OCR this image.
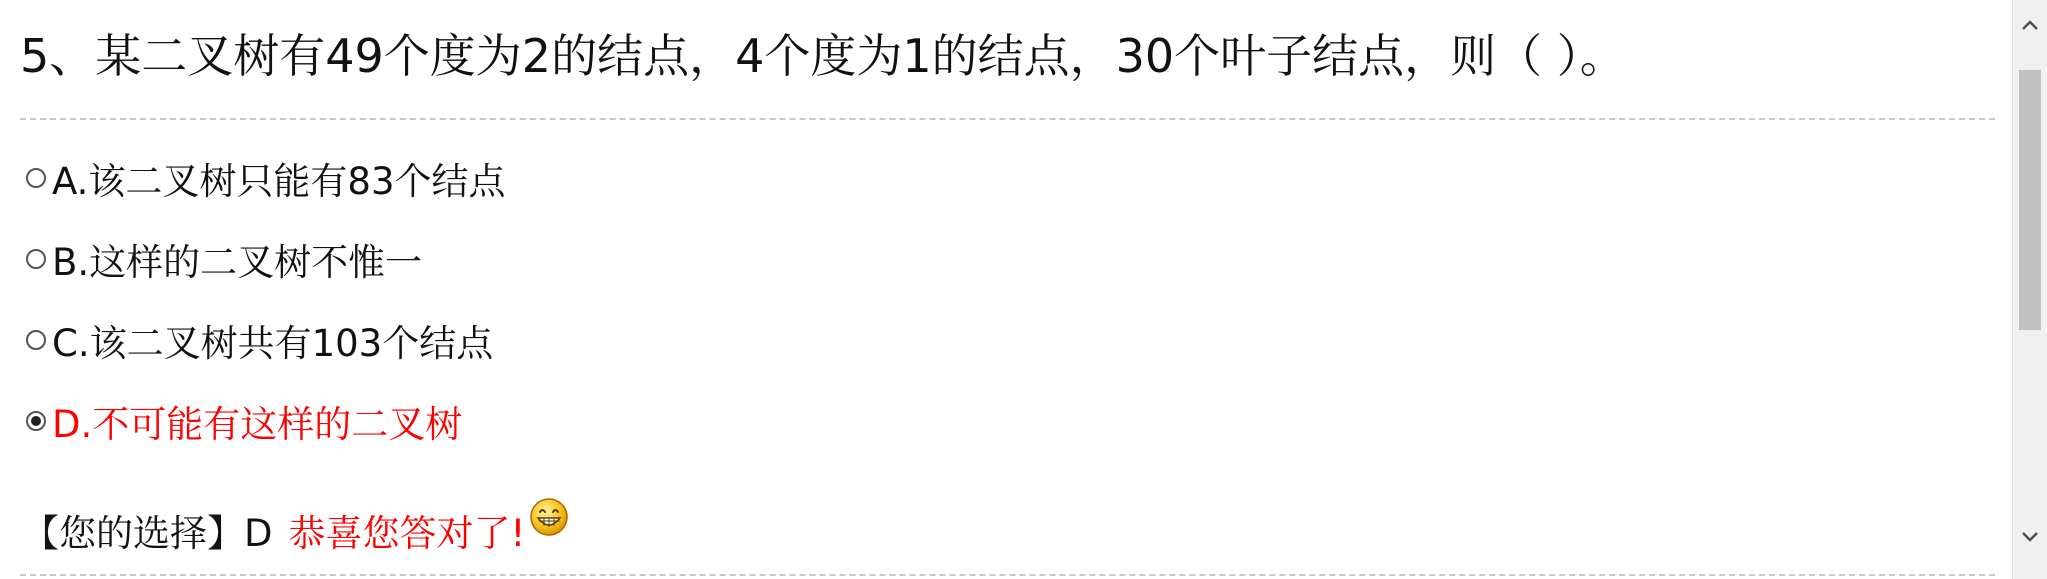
5、某二叉树有49个度为2的结点，4个度为1的结点，30个叶子结点，则（ ）。
A.该二叉树只能有83个结点
B.这样的二叉树不惟一
C.该二叉树共有103个结点
D.不可能有这样的二叉树
【您的选择】D 恭喜您答对了!
